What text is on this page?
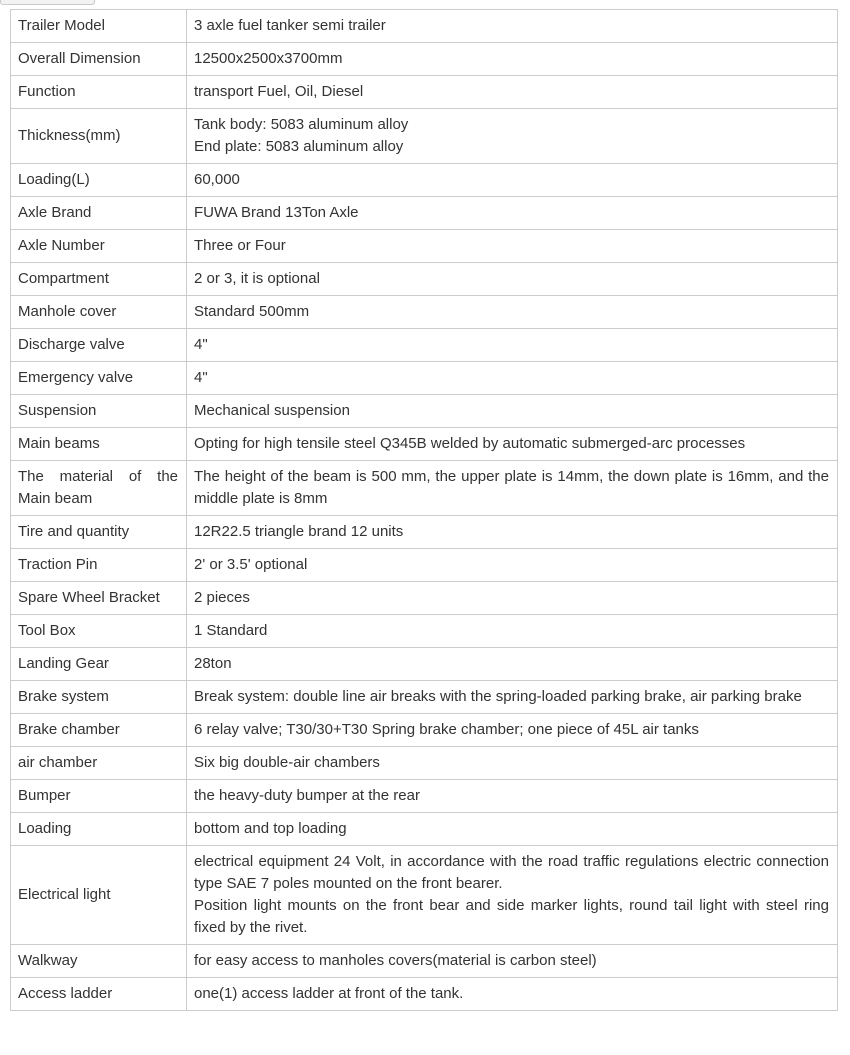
Trailer Model	3 axle fuel tanker semi trailer
Overall Dimension	12500x2500x3700mm
Function	transport Fuel, Oil, Diesel
Thickness(mm)	Tank body: 5083 aluminum alloy
End plate: 5083 aluminum alloy
Loading(L)	60,000
Axle Brand	FUWA Brand 13Ton Axle
Axle Number	Three or Four
Compartment	2 or 3, it is optional
Manhole cover	Standard 500mm
Discharge valve	4"
Emergency valve	4"
Suspension	Mechanical suspension
Main beams	Opting for high tensile steel Q345B welded by automatic submerged-arc processes
The material of the Main beam	The height of the beam is 500 mm, the upper plate is 14mm, the down plate is 16mm, and the middle plate is 8mm
Tire and quantity	12R22.5 triangle brand 12 units
Traction Pin	2' or 3.5' optional
Spare Wheel Bracket	2 pieces
Tool Box	1 Standard
Landing Gear	28ton
Brake system	Break system: double line air breaks with the spring-loaded parking brake, air parking brake
Brake chamber	6 relay valve; T30/30+T30 Spring brake chamber; one piece of 45L air tanks
air chamber	Six big double-air chambers
Bumper	the heavy-duty bumper at the rear
Loading	bottom and top loading
Electrical light	electrical equipment 24 Volt, in accordance with the road traffic regulations electric connection type SAE 7 poles mounted on the front bearer.
Position light mounts on the front bear and side marker lights, round tail light with steel ring fixed by the rivet.
Walkway	for easy access to manholes covers(material is carbon steel)
Access ladder	one(1) access ladder at front of the tank.
